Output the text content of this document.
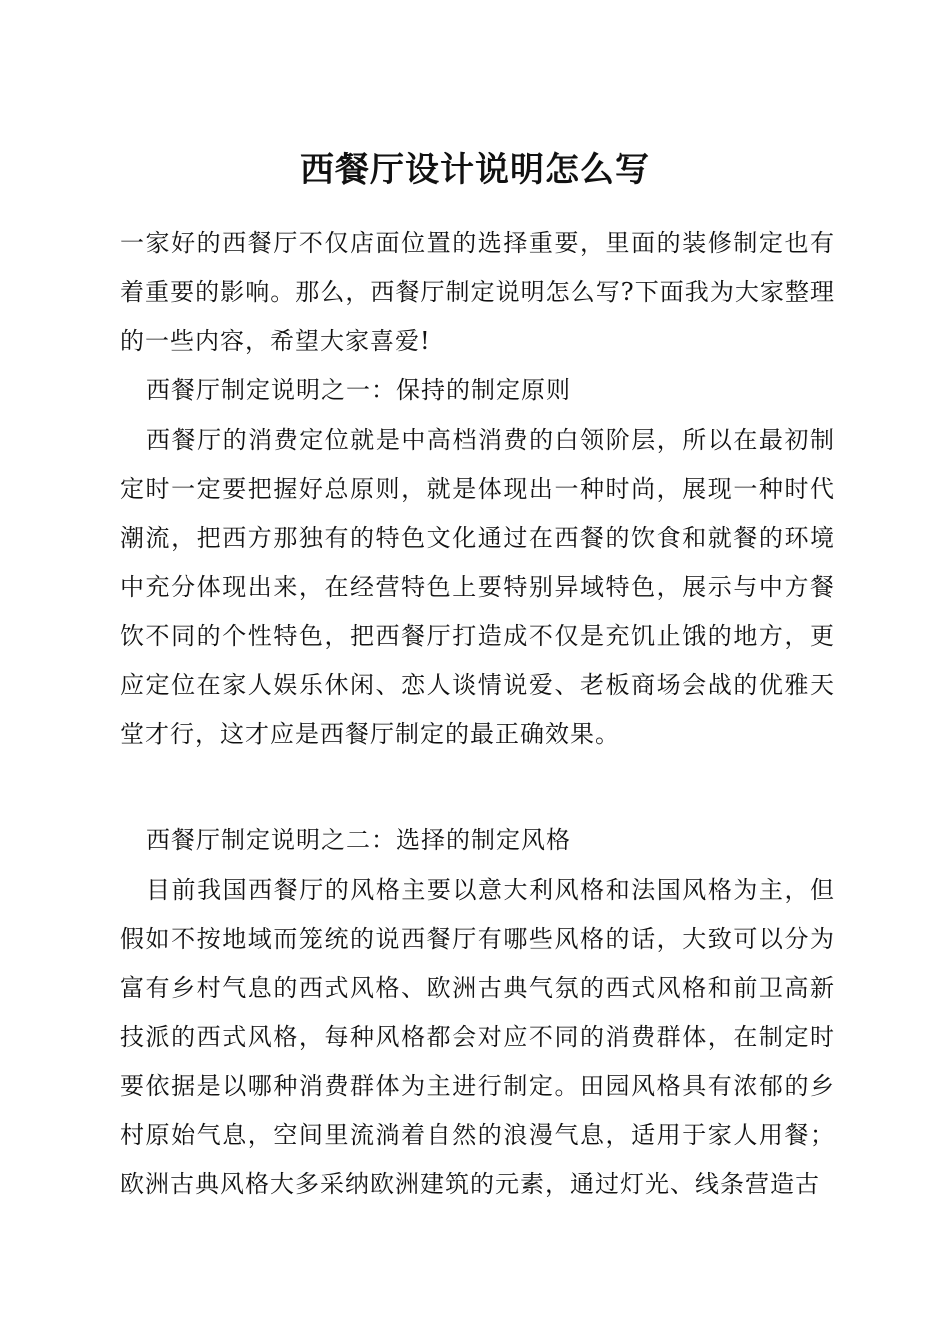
西餐厅设计说明怎么写

一家好的西餐厅不仅店面位置的选择重要，里面的装修制定也有着重要的影响。那么，西餐厅制定说明怎么写?下面我为大家整理的一些内容，希望大家喜爱!

西餐厅制定说明之一：保持的制定原则

西餐厅的消费定位就是中高档消费的白领阶层，所以在最初制定时一定要把握好总原则，就是体现出一种时尚，展现一种时代潮流，把西方那独有的特色文化通过在西餐的饮食和就餐的环境中充分体现出来，在经营特色上要特别异域特色，展示与中方餐饮不同的个性特色，把西餐厅打造成不仅是充饥止饿的地方，更应定位在家人娱乐休闲、恋人谈情说爱、老板商场会战的优雅天堂才行，这才应是西餐厅制定的最正确效果。

西餐厅制定说明之二：选择的制定风格

目前我国西餐厅的风格主要以意大利风格和法国风格为主，但假如不按地域而笼统的说西餐厅有哪些风格的话，大致可以分为富有乡村气息的西式风格、欧洲古典气氛的西式风格和前卫高新技派的西式风格，每种风格都会对应不同的消费群体，在制定时要依据是以哪种消费群体为主进行制定。田园风格具有浓郁的乡村原始气息，空间里流淌着自然的浪漫气息，适用于家人用餐；欧洲古典风格大多采纳欧洲建筑的元素，通过灯光、线条营造古
